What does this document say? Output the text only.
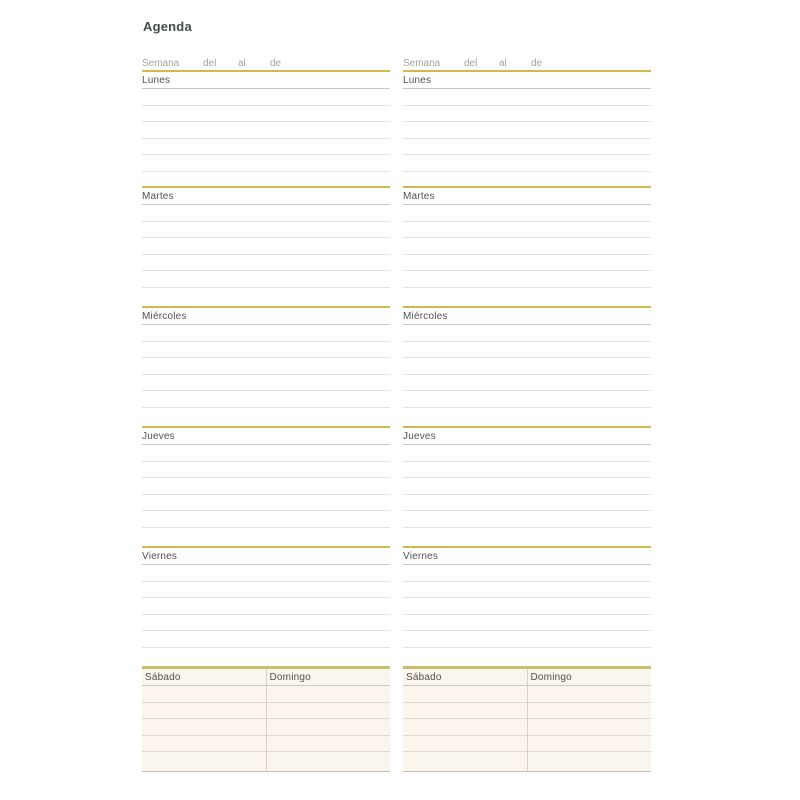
Agenda
Semana del al de
Lunes
Martes
Miércoles
Jueves
Viernes
Sábado	Domingo
Semana del al de
Lunes
Martes
Miércoles
Jueves
Viernes
Sábado	Domingo
